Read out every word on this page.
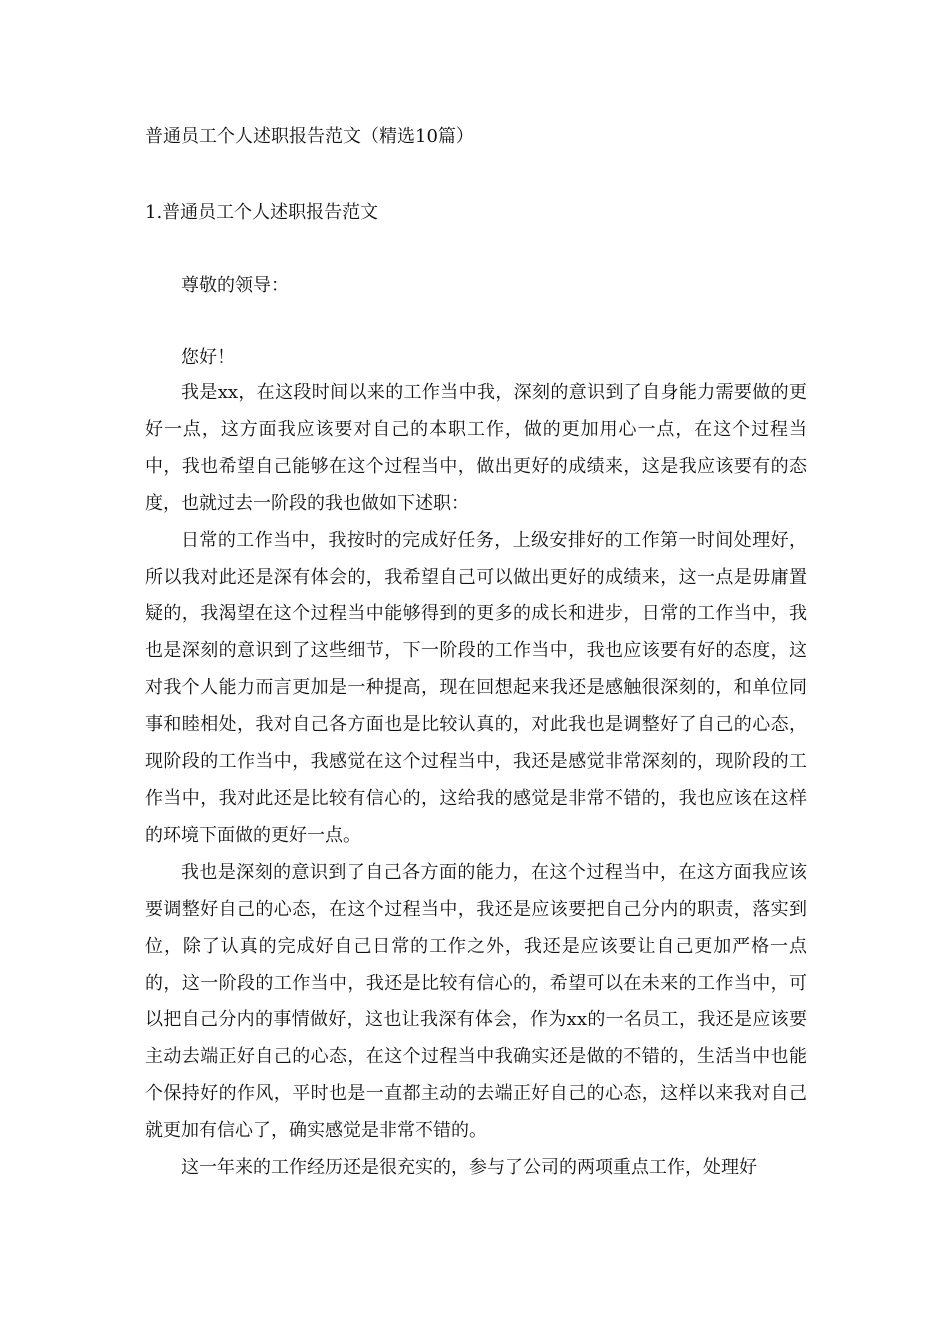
普通员工个人述职报告范文（精选10篇）
1.普通员工个人述职报告范文

尊敬的领导：

您好！

我是xx，在这段时间以来的工作当中我，深刻的意识到了自身能力需要做的更好一点，这方面我应该要对自己的本职工作，做的更加用心一点，在这个过程当中，我也希望自己能够在这个过程当中，做出更好的成绩来，这是我应该要有的态度，也就过去一阶段的我也做如下述职：

日常的工作当中，我按时的完成好任务，上级安排好的工作第一时间处理好，所以我对此还是深有体会的，我希望自己可以做出更好的成绩来，这一点是毋庸置疑的，我渴望在这个过程当中能够得到的更多的成长和进步，日常的工作当中，我也是深刻的意识到了这些细节，下一阶段的工作当中，我也应该要有好的态度，这对我个人能力而言更加是一种提高，现在回想起来我还是感触很深刻的，和单位同事和睦相处，我对自己各方面也是比较认真的，对此我也是调整好了自己的心态，现阶段的工作当中，我感觉在这个过程当中，我还是感觉非常深刻的，现阶段的工作当中，我对此还是比较有信心的，这给我的感觉是非常不错的，我也应该在这样的环境下面做的更好一点。

我也是深刻的意识到了自己各方面的能力，在这个过程当中，在这方面我应该要调整好自己的心态，在这个过程当中，我还是应该要把自己分内的职责，落实到位，除了认真的完成好自己日常的工作之外，我还是应该要让自己更加严格一点的，这一阶段的工作当中，我还是比较有信心的，希望可以在未来的工作当中，可以把自己分内的事情做好，这也让我深有体会，作为xx的一名员工，我还是应该要主动去端正好自己的心态，在这个过程当中我确实还是做的不错的，生活当中也能个保持好的作风，平时也是一直都主动的去端正好自己的心态，这样以来我对自己就更加有信心了，确实感觉是非常不错的。

这一年来的工作经历还是很充实的，参与了公司的两项重点工作，处理好
